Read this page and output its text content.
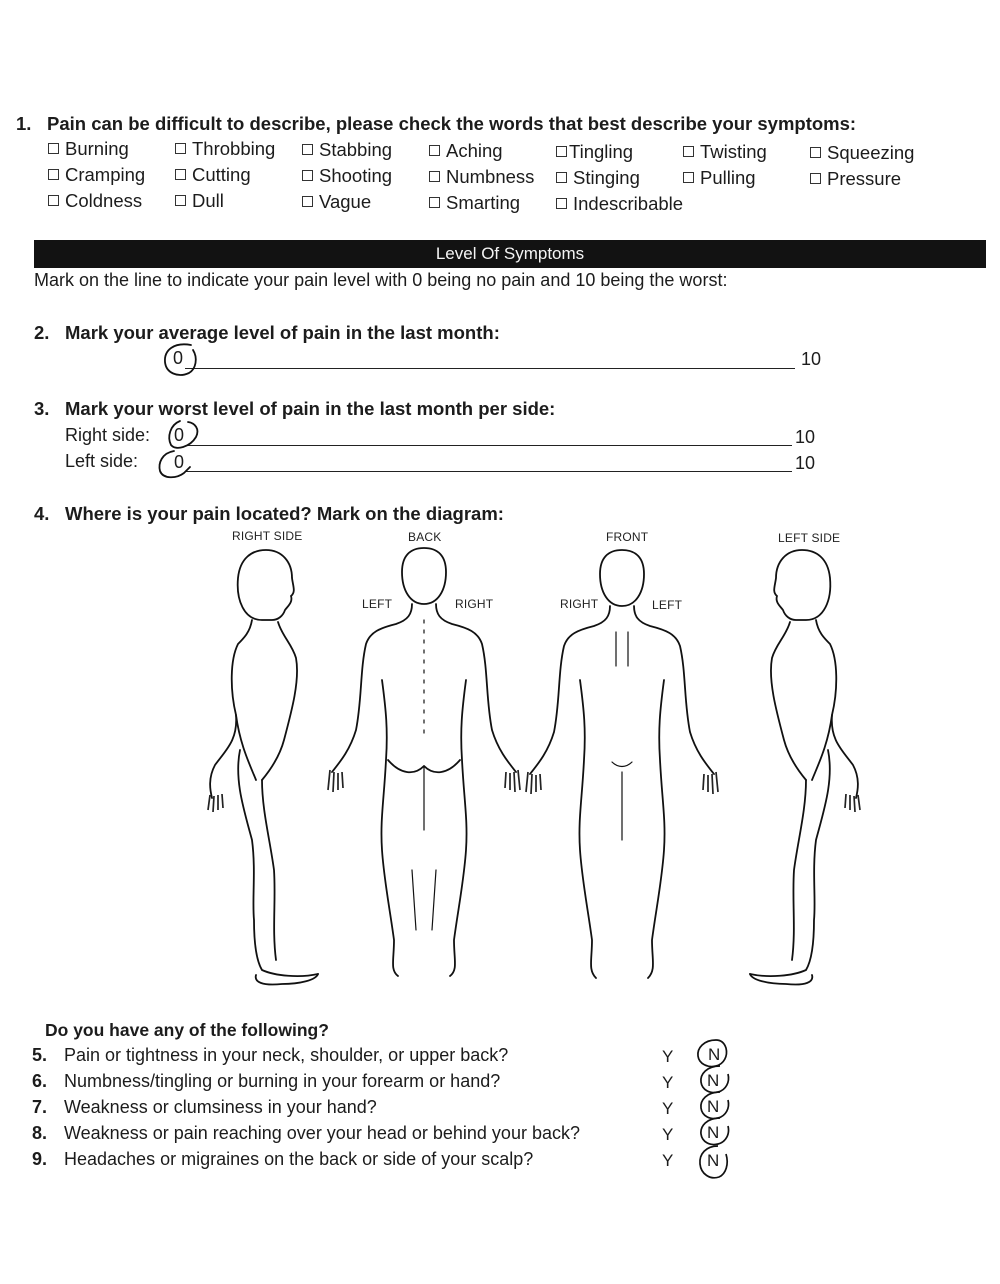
1. Pain can be difficult to describe, please check the words that best describe your symptoms:
Burning	Throbbing	Stabbing	Aching	Tingling	Twisting	Squeezing
Cramping	Cutting	Shooting	Numbness	Stinging	Pulling	Pressure
Coldness	Dull	Vague	Smarting	Indescribable
Level Of Symptoms
Mark on the line to indicate your pain level with 0 being no pain and 10 being the worst:
2. Mark your average level of pain in the last month:
0	10
3. Mark your worst level of pain in the last month per side:
Right side: 0	10
Left side: 0	10
4. Where is your pain located? Mark on the diagram:
RIGHT SIDE	BACK	FRONT	LEFT SIDE
LEFT	RIGHT	RIGHT	LEFT
Do you have any of the following?
5. Pain or tightness in your neck, shoulder, or upper back?	Y N
6. Numbness/tingling or burning in your forearm or hand?	Y N
7. Weakness or clumsiness in your hand?	Y N
8. Weakness or pain reaching over your head or behind your back?	Y N
9. Headaches or migraines on the back or side of your scalp?	Y N
